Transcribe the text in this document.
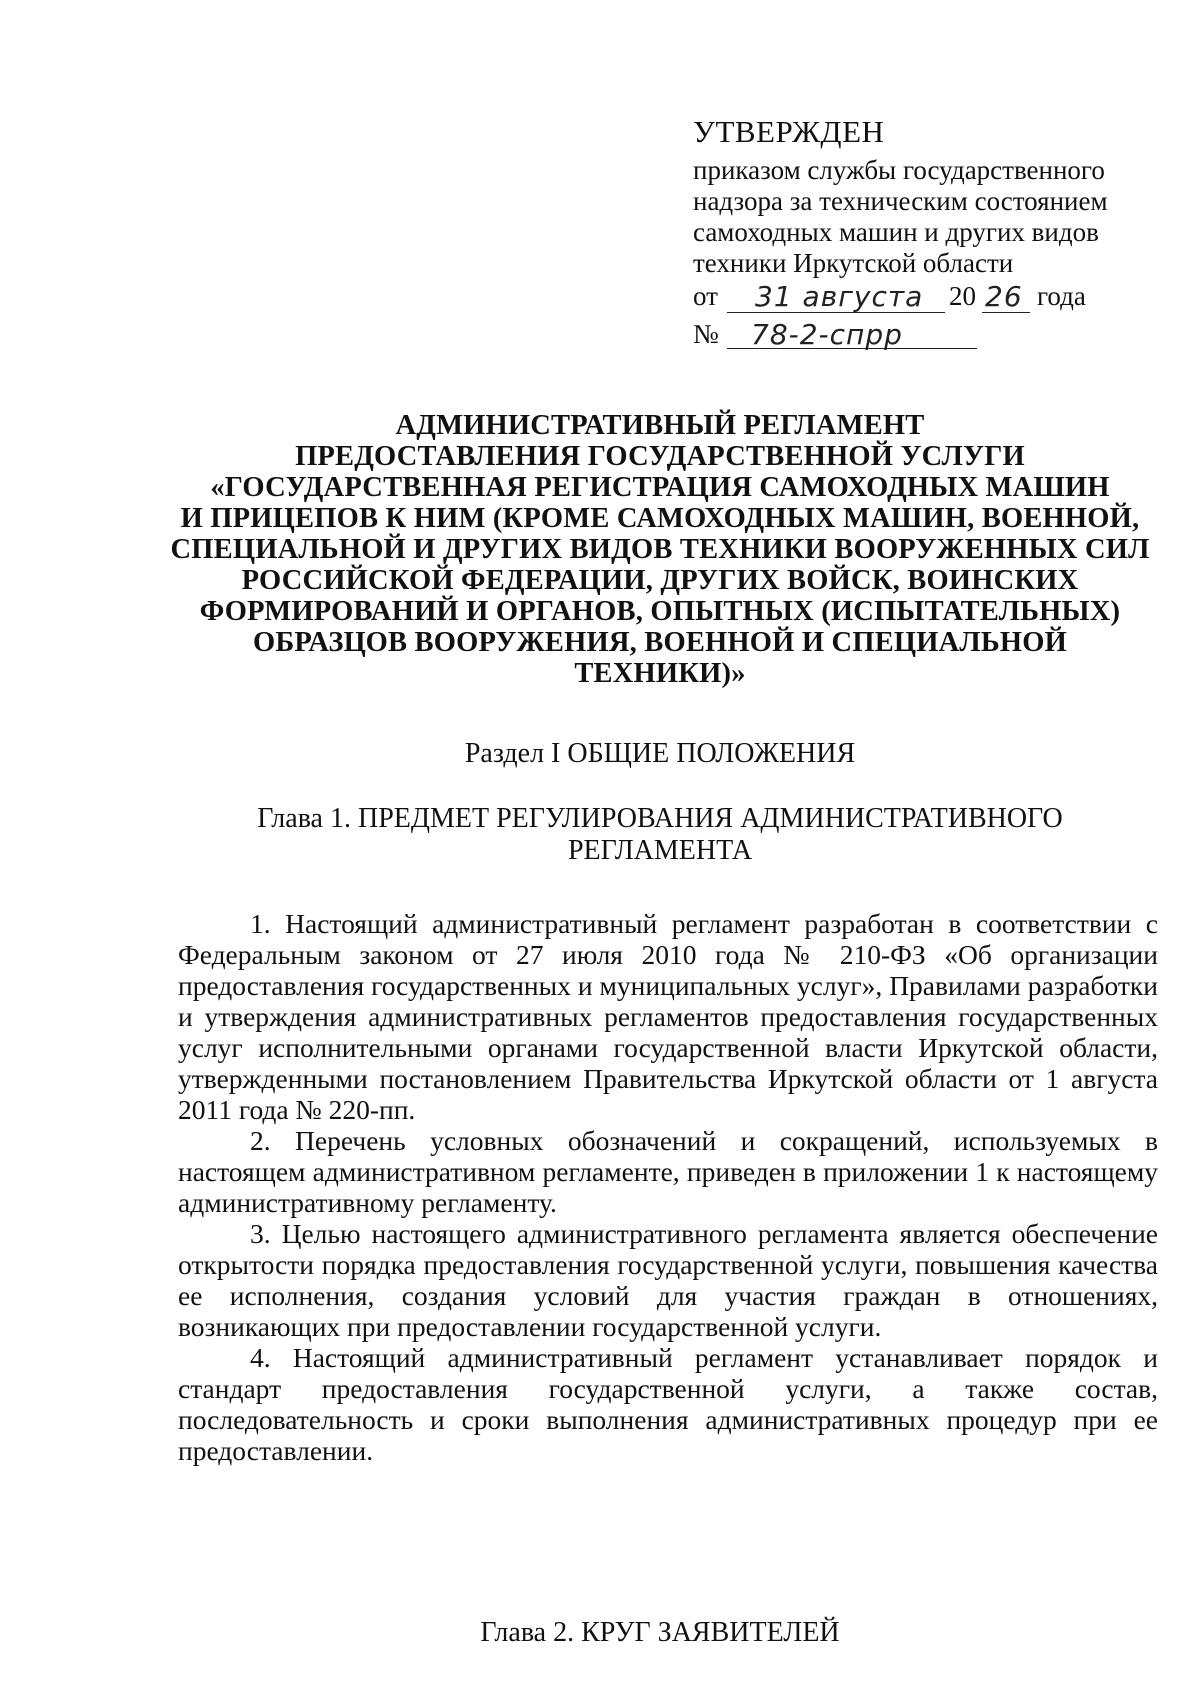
УТВЕРЖДЕН
приказом службы государственного
надзора за техническим состоянием
самоходных машин и других видов
техники Иркутской области
от 31 августа 20 26 года
№ 78-2-спрр
АДМИНИСТРАТИВНЫЙ РЕГЛАМЕНТ
ПРЕДОСТАВЛЕНИЯ ГОСУДАРСТВЕННОЙ УСЛУГИ
«ГОСУДАРСТВЕННАЯ РЕГИСТРАЦИЯ САМОХОДНЫХ МАШИН
И ПРИЦЕПОВ К НИМ (КРОМЕ САМОХОДНЫХ МАШИН, ВОЕННОЙ,
СПЕЦИАЛЬНОЙ И ДРУГИХ ВИДОВ ТЕХНИКИ ВООРУЖЕННЫХ СИЛ
РОССИЙСКОЙ ФЕДЕРАЦИИ, ДРУГИХ ВОЙСК, ВОИНСКИХ
ФОРМИРОВАНИЙ И ОРГАНОВ, ОПЫТНЫХ (ИСПЫТАТЕЛЬНЫХ)
ОБРАЗЦОВ ВООРУЖЕНИЯ, ВОЕННОЙ И СПЕЦИАЛЬНОЙ
ТЕХНИКИ)»
Раздел I ОБЩИЕ ПОЛОЖЕНИЯ
Глава 1. ПРЕДМЕТ РЕГУЛИРОВАНИЯ АДМИНИСТРАТИВНОГО
РЕГЛАМЕНТА

1. Настоящий административный регламент разработан в соответствии с Федеральным законом от 27 июля 2010 года № 210-ФЗ «Об организации предоставления государственных и муниципальных услуг», Правилами разработки и утверждения административных регламентов предоставления государственных услуг исполнительными органами государственной власти Иркутской области, утвержденными постановлением Правительства Иркутской области от 1 августа 2011 года № 220-пп.

2. Перечень условных обозначений и сокращений, используемых в настоящем административном регламенте, приведен в приложении 1 к настоящему административному регламенту.

3. Целью настоящего административного регламента является обеспечение открытости порядка предоставления государственной услуги, повышения качества ее исполнения, создания условий для участия граждан в отношениях, возникающих при предоставлении государственной услуги.

4. Настоящий административный регламент устанавливает порядок и стандарт предоставления государственной услуги, а также состав, последовательность и сроки выполнения административных процедур при ее предоставлении.

Глава 2. КРУГ ЗАЯВИТЕЛЕЙ
